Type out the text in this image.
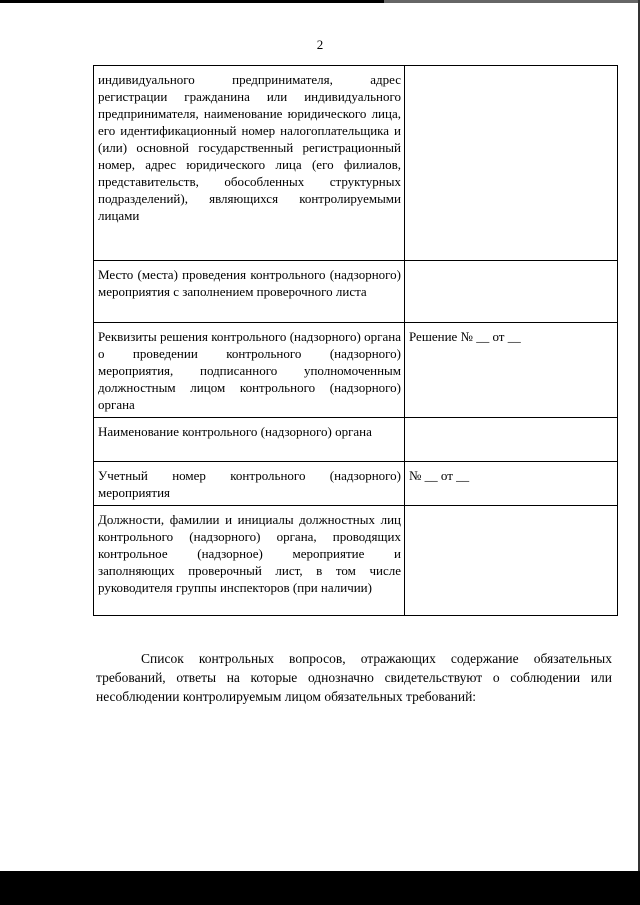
2
индивидуального предпринимателя, адрес регистрации гражданина или индивидуального предпринимателя, наименование юридического лица, его идентификационный номер налогоплательщика и (или) основной государственный регистрационный номер, адрес юридического лица (его филиалов, представительств, обособленных структурных подразделений), являющихся контролируемыми лицами	
Место (места) проведения контрольного (надзорного) мероприятия с заполнением проверочного листа	
Реквизиты решения контрольного (надзорного) органа о проведении контрольного (надзорного) мероприятия, подписанного уполномоченным должностным лицом контрольного (надзорного) органа	Решение № __ от __
Наименование контрольного (надзорного) органа	
Учетный номер контрольного (надзорного) мероприятия	№ __ от __
Должности, фамилии и инициалы должностных лиц контрольного (надзорного) органа, проводящих контрольное (надзорное) мероприятие и заполняющих проверочный лист, в том числе руководителя группы инспекторов (при наличии)	

Список контрольных вопросов, отражающих содержание обязательных требований, ответы на которые однозначно свидетельствуют о соблюдении или несоблюдении контролируемым лицом обязательных требований:
